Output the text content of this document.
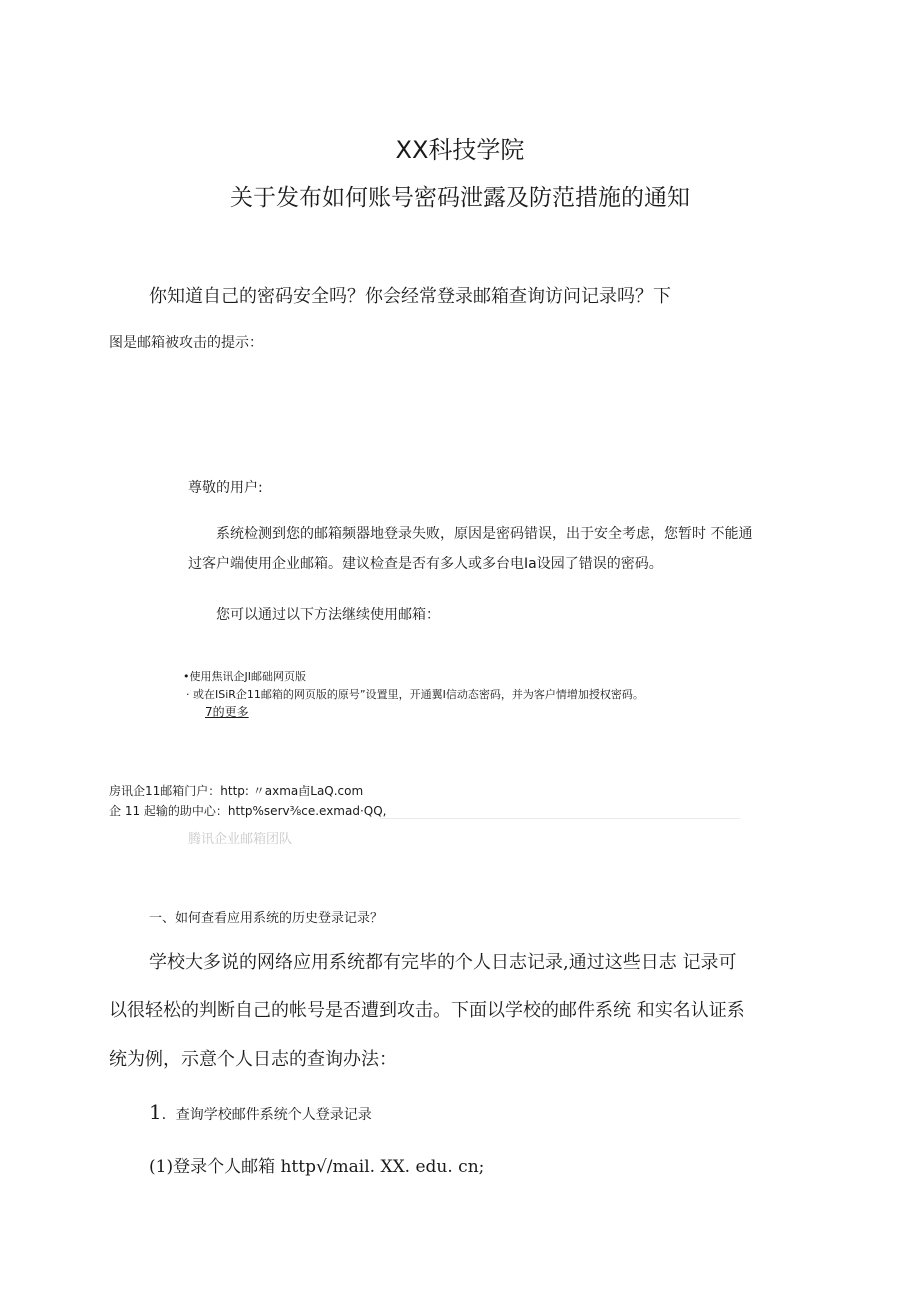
XX科技学院
关于发布如何账号密码泄露及防范措施的通知
你知道自己的密码安全吗？你会经常登录邮箱查询访问记录吗？下
图是邮箱被攻击的提示：
尊敬的用户:
系统检测到您的邮箱频器地登录失败，原因是密码错误，出于安全考虑，您暂时 不能通
过客户端使用企业邮箱。建议检查是否有多人或多台电Ia设园了错误的密码。
您可以通过以下方法继续使用邮箱：
•使用焦讯企JI邮础网页版
· 或在ISiR企11邮箱的网页版的原号”设置里，开通翼I信动态密码，并为客户情增加授权密码。
7的更多
房讯企11邮箱门户：http: 〃axma卣LaQ.com
企 11 起输的助中心：http%serv⅜ce.exmad·QQ,
腾讯企业邮箱团队
一、如何查看应用系统的历史登录记录？
学校大多说的网络应用系统都有完毕的个人日志记录,通过这些日志 记录可
以很轻松的判断自己的帐号是否遭到攻击。下面以学校的邮件系统 和实名认证系
统为例，示意个人日志的查询办法：
1．查询学校邮件系统个人登录记录
(1)登录个人邮箱 http√/mail. XX. edu. cn;
